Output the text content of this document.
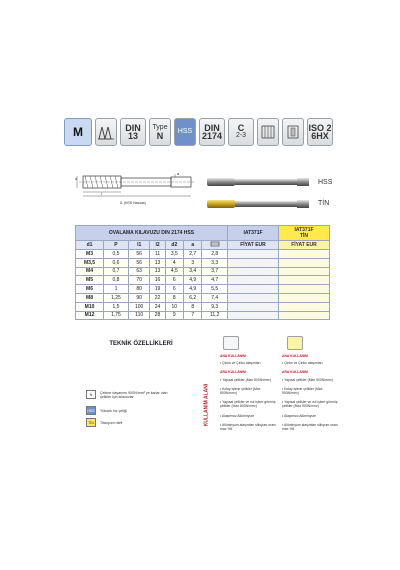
M	DIN 13
Type
N HSS DIN
2174
C
2-3
ISO 2
6HX
d
l
a
l1 (HSS Hassas)
HSS
TİN
OVALAMA KILAVUZU DIN 2174 HSS							IAT371F	IAT371F
TİN

d1	P	l1	l2	d2	a		FİYAT EUR	FİYAT EUR
M3	0,5	56	11	3,5	2,7	2,8		
M3,5	0,6	56	13	4	3	3,3		
M4	0,7	63	13	4,5	3,4	3,7		
M5	0,8	70	16	6	4,9	4,7		
M6	1	80	19	6	4,9	5,5		
M8	1,25	90	22	8	6,2	7,4		
M10	1,5	100	24	10	8	9,3		
M12	1,75	110	28	9	7	11,2		
TEKNİK ÖZELLİKLERİ
N	Çekme dayanımı 900N/mm² ye kadar olan çelikler için kılavuzlar
HSS	Yüksek hız çeliği
TİN	Titanyum nitrit	KULLANIM ALANI
ANA KULLANIM
• Çinko ve Çinko alaşımları
ARA KULLANIM
• Yapısal çelikler (Max 800N/mm²)
• Kolay işlenir çelikler (Max 800N/mm²)
• Yapısal çelikler ve ısıl işlem görmüş çelikler (Max 800N/mm²)
• Alaşımsız Alüminyum
• Alüminyum alaşımları silisyum oranı max %5
ANA KULLANIM
• Çinko ve Çinko alaşımları
ARA KULLANIM
• Yapısal çelikler (Max 900N/mm²)
• Kolay işlenir çelikler (Max 900N/mm²)
• Yapısal çelikler ve ısıl işlem görmüş çelikler (Max 900N/mm²)
• Alaşımsız Alüminyum
• Alüminyum alaşımları silisyum oranı max %5
